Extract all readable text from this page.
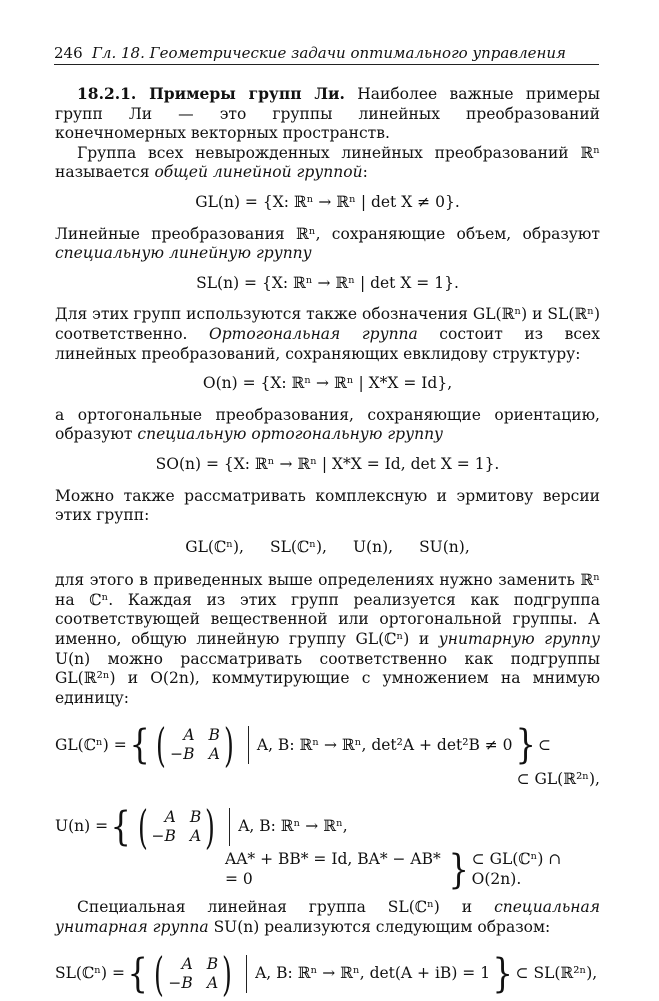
246 Гл. 18. Геометрические задачи оптимального управления

18.2.1. Примеры групп Ли. Наиболее важные примеры групп Ли — это группы линейных преобразований конечномерных векторных пространств.

Группа всех невырожденных линейных преобразований ℝⁿ называется общей линейной группой:

GL(n) = {X: ℝⁿ → ℝⁿ | det X ≠ 0}.

Линейные преобразования ℝⁿ, сохраняющие объем, образуют специальную линейную группу

SL(n) = {X: ℝⁿ → ℝⁿ | det X = 1}.

Для этих групп используются также обозначения GL(ℝⁿ) и SL(ℝⁿ) соответственно. Ортогональная группа состоит из всех линейных преобразований, сохраняющих евклидову структуру:

O(n) = {X: ℝⁿ → ℝⁿ | X*X = Id},

а ортогональные преобразования, сохраняющие ориентацию, образуют специальную ортогональную группу

SO(n) = {X: ℝⁿ → ℝⁿ | X*X = Id, det X = 1}.

Можно также рассматривать комплексную и эрмитову версии этих групп:

GL(ℂⁿ), SL(ℂⁿ), U(n), SU(n),

для этого в приведенных выше определениях нужно заменить ℝⁿ на ℂⁿ. Каждая из этих групп реализуется как подгруппа соответствующей вещественной или ортогональной группы. А именно, общую линейную группу GL(ℂⁿ) и унитарную группу U(n) можно рассматривать соответственно как подгруппы GL(ℝ²ⁿ) и O(2n), коммутирующие с умножением на мнимую единицу:

GL(ℂⁿ) = { (	A B
−B A ) A, B: ℝⁿ → ℝⁿ, det²A + det²B ≠ 0 } ⊂
⊂ GL(ℝ²ⁿ),
U(n) = { (	A B
−B A ) A, B: ℝⁿ → ℝⁿ,
AA* + BB* = Id, BA* − AB* = 0	} ⊂ GL(ℂⁿ) ∩ O(2n).

Специальная линейная группа SL(ℂⁿ) и специальная унитарная группа SU(n) реализуются следующим образом:

SL(ℂⁿ) = { (	A B
−B A ) A, B: ℝⁿ → ℝⁿ, det(A + iB) = 1 } ⊂ SL(ℝ²ⁿ),
